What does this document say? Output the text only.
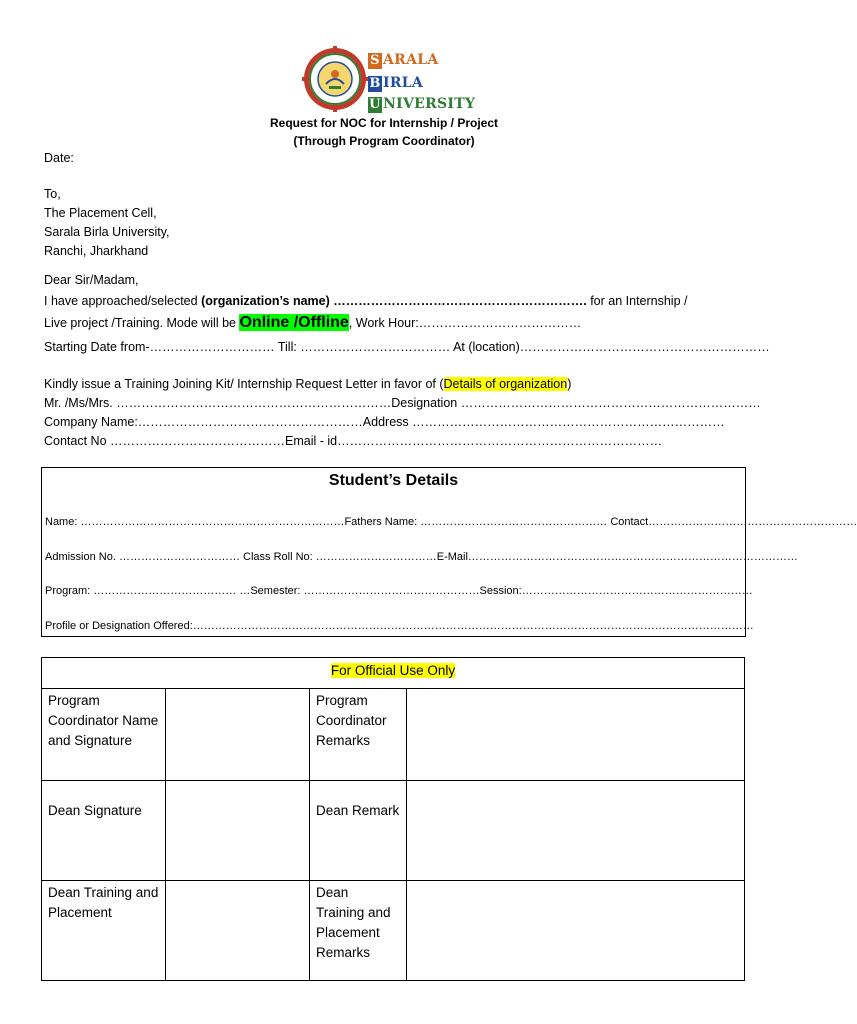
S ARALA
B IRLA
U NIVERSITY
Request for NOC for Internship / Project
(Through Program Coordinator)
Date:
To,
The Placement Cell,
Sarala Birla University,
Ranchi, Jharkhand
Dear Sir/Madam,
I have approached/selected (organization’s name) ……………………………………………………. for an Internship /
Live project /Training. Mode will be Online /Offline, Work Hour:…………………………………
Starting Date from-………………………… Till: ……………………………… At (location)……………………………………………………
Kindly issue a Training Joining Kit/ Internship Request Letter in favor of (Details of organization)
Mr. /Ms/Mrs. …………………………………………………………Designation ………………………………………………………………
Company Name:………………………………………………Address …………………………………………………………………
Contact No ……………………………………Email - id……………………………………………………………………
Student’s Details
Name: ………………………………………………………………Fathers Name: …………………………………………… Contact…………………………………………………
Admission No. …………………………… Class Roll No: ……………………………E-Mail………………………………………………………………………………
Program: ………………………………… …Semester: …………………………………………Session:………………………………………………………
Profile or Designation Offered:………………………………………………………………………………………………………………………………………
For Official Use Only			
Program Coordinator Name and Signature		Program Coordinator Remarks	
Dean Signature		Dean Remark	
Dean Training and Placement		Dean Training and Placement Remarks	
